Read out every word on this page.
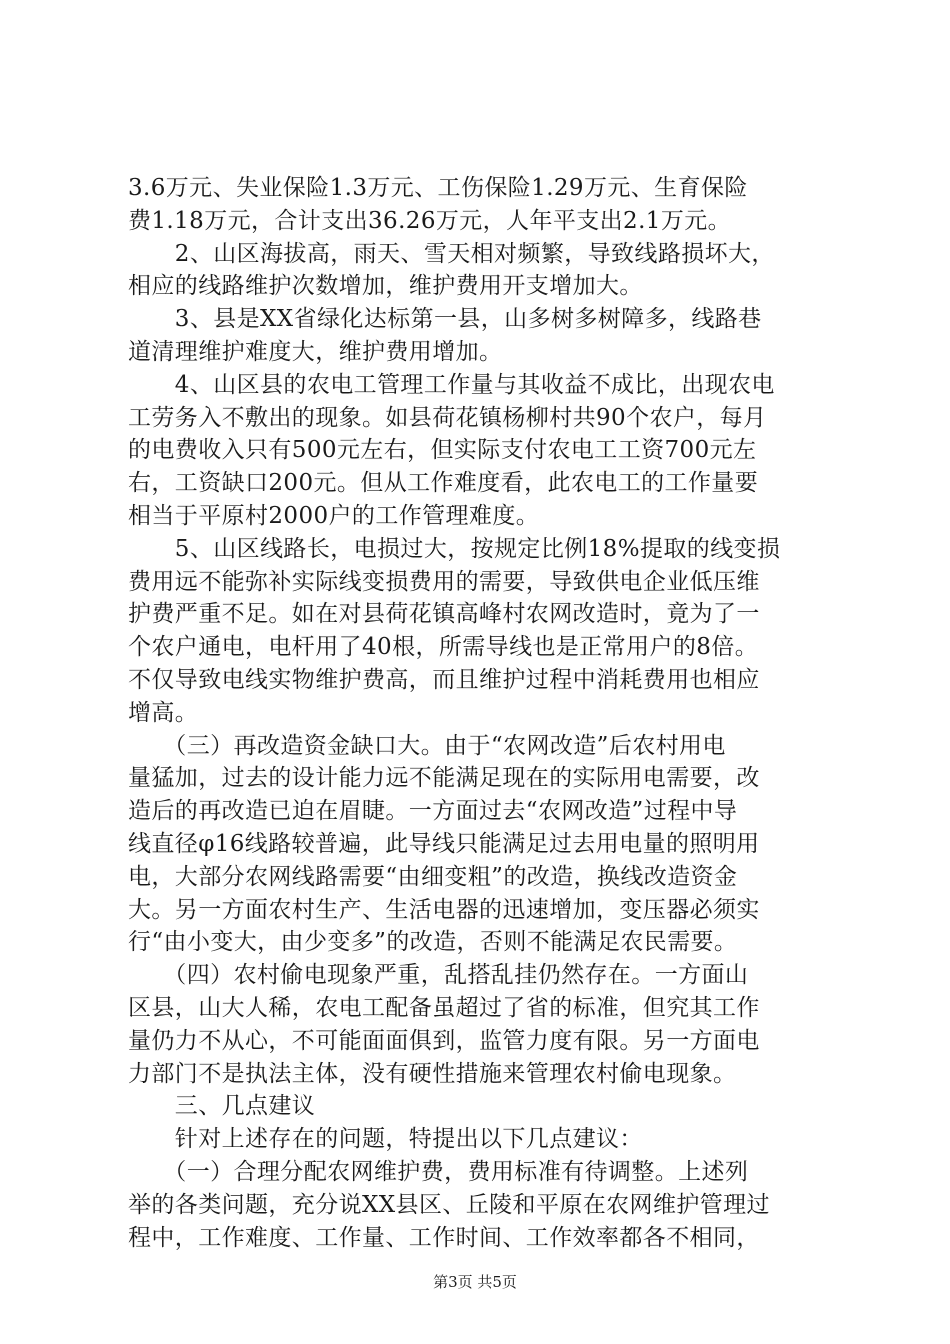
3.6万元、失业保险1.3万元、工伤保险1.29万元、生育保险
费1.18万元，合计支出36.26万元，人年平支出2.1万元。
　　2、山区海拔高，雨天、雪天相对频繁，导致线路损坏大，
相应的线路维护次数增加，维护费用开支增加大。
　　3、县是XX省绿化达标第一县，山多树多树障多，线路巷
道清理维护难度大，维护费用增加。
　　4、山区县的农电工管理工作量与其收益不成比，出现农电
工劳务入不敷出的现象。如县荷花镇杨柳村共90个农户，每月
的电费收入只有500元左右，但实际支付农电工工资700元左
右，工资缺口200元。但从工作难度看，此农电工的工作量要
相当于平原村2000户的工作管理难度。
　　5、山区线路长，电损过大，按规定比例18%提取的线变损
费用远不能弥补实际线变损费用的需要，导致供电企业低压维
护费严重不足。如在对县荷花镇高峰村农网改造时，竟为了一
个农户通电，电杆用了40根，所需导线也是正常用户的8倍。
不仅导致电线实物维护费高，而且维护过程中消耗费用也相应
增高。
　　（三）再改造资金缺口大。由于“农网改造”后农村用电
量猛加，过去的设计能力远不能满足现在的实际用电需要，改
造后的再改造已迫在眉睫。一方面过去“农网改造”过程中导
线直径φ16线路较普遍，此导线只能满足过去用电量的照明用
电，大部分农网线路需要“由细变粗”的改造，换线改造资金
大。另一方面农村生产、生活电器的迅速增加，变压器必须实
行“由小变大，由少变多”的改造，否则不能满足农民需要。
　　（四）农村偷电现象严重，乱搭乱挂仍然存在。一方面山
区县，山大人稀，农电工配备虽超过了省的标准，但究其工作
量仍力不从心，不可能面面俱到，监管力度有限。另一方面电
力部门不是执法主体，没有硬性措施来管理农村偷电现象。
　　三、几点建议
　　针对上述存在的问题，特提出以下几点建议：
　　（一）合理分配农网维护费，费用标准有待调整。上述列
举的各类问题，充分说XX县区、丘陵和平原在农网维护管理过
程中，工作难度、工作量、工作时间、工作效率都各不相同，
第3页 共5页
